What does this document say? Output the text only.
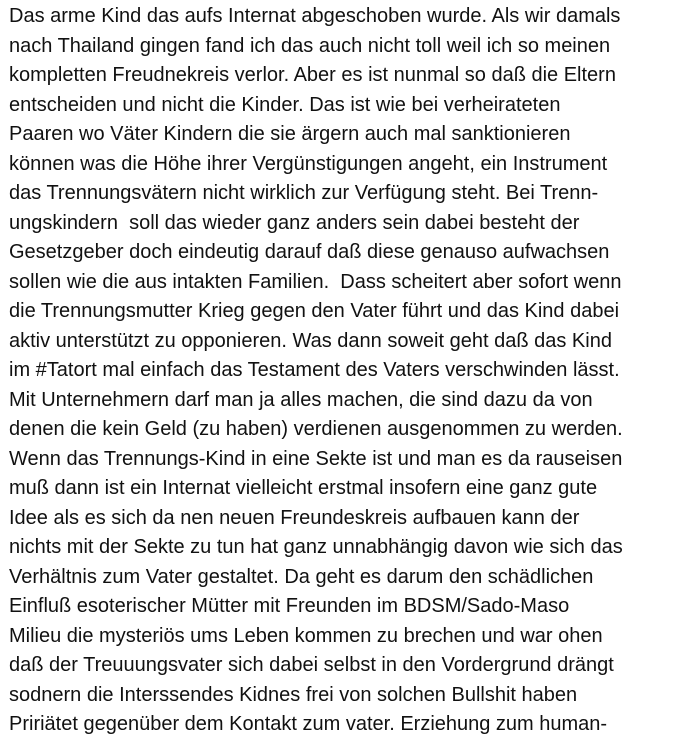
Das arme Kind das aufs Internat abgeschoben wurde. Als wir damals
nach Thailand gingen fand ich das auch nicht toll weil ich so meinen
kompletten Freudnekreis verlor. Aber es ist nunmal so daß die Eltern
entscheiden und nicht die Kinder. Das ist wie bei verheirateten
Paaren wo Väter Kindern die sie ärgern auch mal sanktionieren
können was die Höhe ihrer Vergünstigungen angeht, ein Instrument
das Trennungsvätern nicht wirklich zur Verfügung steht. Bei Trenn-
ungskindern  soll das wieder ganz anders sein dabei besteht der
Gesetzgeber doch eindeutig darauf daß diese genauso aufwachsen
sollen wie die aus intakten Familien.  Dass scheitert aber sofort wenn
die Trennungsmutter Krieg gegen den Vater führt und das Kind dabei
aktiv unterstützt zu opponieren. Was dann soweit geht daß das Kind
im #Tatort mal einfach das Testament des Vaters verschwinden lässt.
Mit Unternehmern darf man ja alles machen, die sind dazu da von
denen die kein Geld (zu haben) verdienen ausgenommen zu werden.
Wenn das Trennungs-Kind in eine Sekte ist und man es da rauseisen
muß dann ist ein Internat vielleicht erstmal insofern eine ganz gute
Idee als es sich da nen neuen Freundeskreis aufbauen kann der
nichts mit der Sekte zu tun hat ganz unnabhängig davon wie sich das
Verhältnis zum Vater gestaltet. Da geht es darum den schädlichen
Einfluß esoterischer Mütter mit Freunden im BDSM/Sado-Maso
Milieu die mysteriös ums Leben kommen zu brechen und war ohen
daß der Treuuungsvater sich dabei selbst in den Vordergrund drängt
sodnern die Interssendes Kidnes frei von solchen Bullshit haben
Pririätet gegenüber dem Kontakt zum vater. Erziehung zum human-
